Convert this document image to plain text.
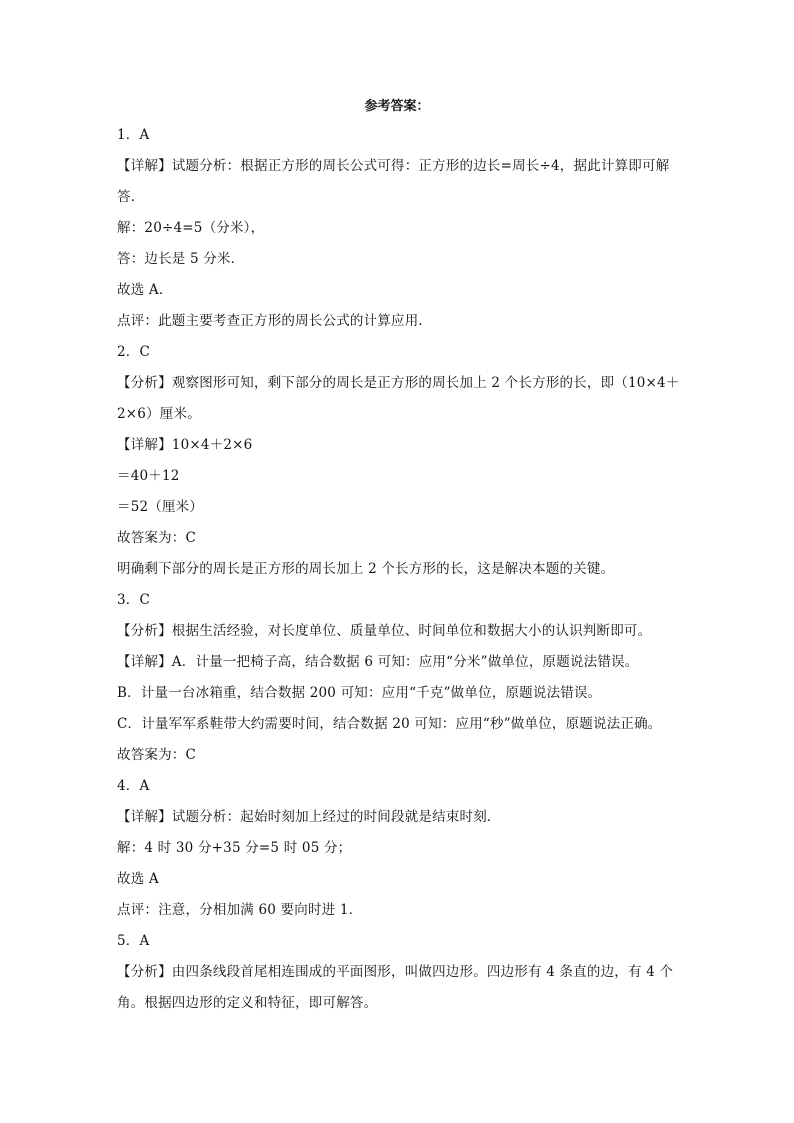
参考答案：
1．A
【详解】试题分析：根据正方形的周长公式可得：正方形的边长=周长÷4，据此计算即可解
答．
解：20÷4=5（分米），
答：边长是 5 分米．
故选 A．
点评：此题主要考查正方形的周长公式的计算应用．
2．C
【分析】观察图形可知，剩下部分的周长是正方形的周长加上 2 个长方形的长，即（10×4＋
2×6）厘米。
【详解】10×4＋2×6
＝40＋12
＝52（厘米）
故答案为：C
明确剩下部分的周长是正方形的周长加上 2 个长方形的长，这是解决本题的关键。
3．C
【分析】根据生活经验，对长度单位、质量单位、时间单位和数据大小的认识判断即可。
【详解】A．计量一把椅子高，结合数据 6 可知：应用“分米”做单位，原题说法错误。
B．计量一台冰箱重，结合数据 200 可知：应用“千克”做单位，原题说法错误。
C．计量军军系鞋带大约需要时间，结合数据 20 可知：应用“秒”做单位，原题说法正确。
故答案为：C
4．A
【详解】试题分析：起始时刻加上经过的时间段就是结束时刻．
解：4 时 30 分+35 分=5 时 05 分；
故选 A
点评：注意，分相加满 60 要向时进 1．
5．A
【分析】由四条线段首尾相连围成的平面图形，叫做四边形。四边形有 4 条直的边，有 4 个
角。根据四边形的定义和特征，即可解答。
